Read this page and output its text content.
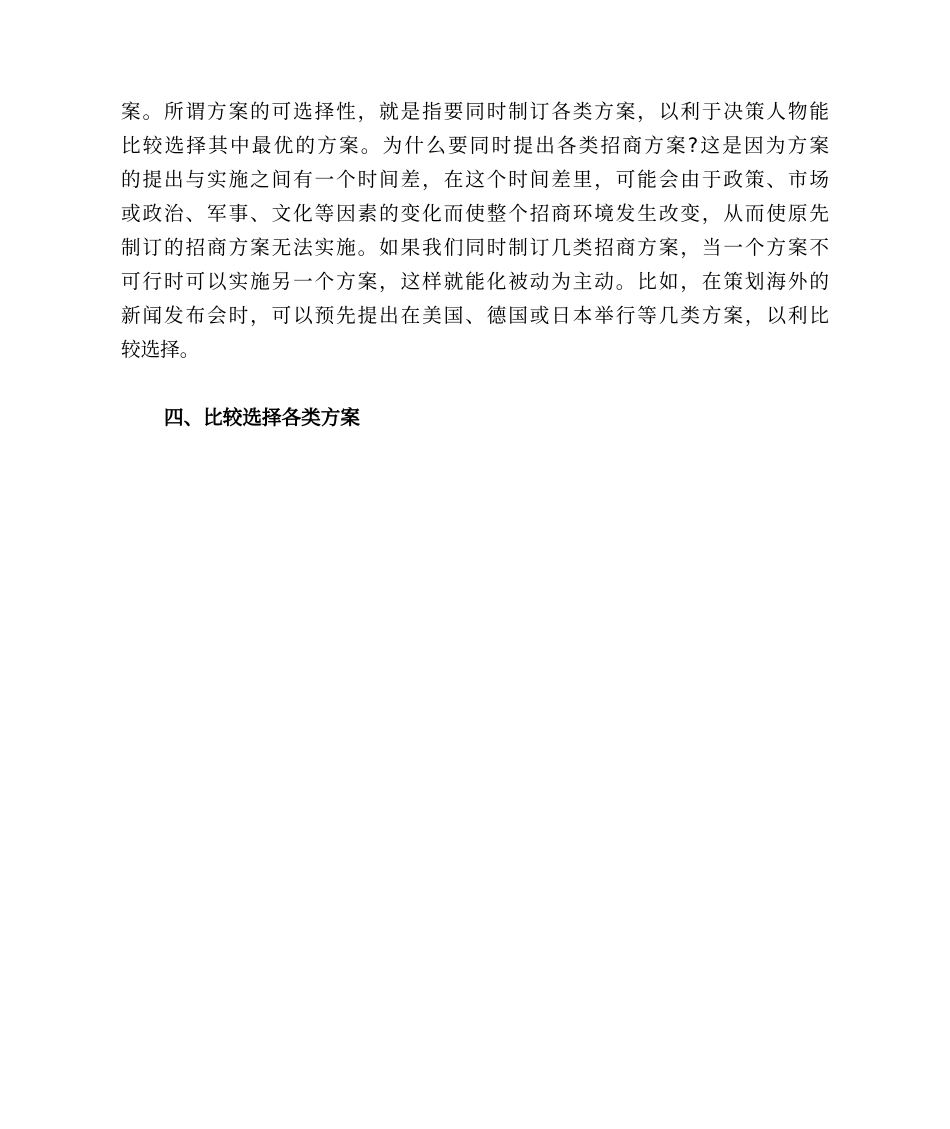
案。所谓方案的可选择性，就是指要同时制订各类方案，以利于决策人物能
比较选择其中最优的方案。为什么要同时提出各类招商方案?这是因为方案
的提出与实施之间有一个时间差，在这个时间差里，可能会由于政策、市场
或政治、军事、文化等因素的变化而使整个招商环境发生改变，从而使原先
制订的招商方案无法实施。如果我们同时制订几类招商方案，当一个方案不
可行时可以实施另一个方案，这样就能化被动为主动。比如，在策划海外的
新闻发布会时，可以预先提出在美国、德国或日本举行等几类方案，以利比
较选择。

四、比较选择各类方案
